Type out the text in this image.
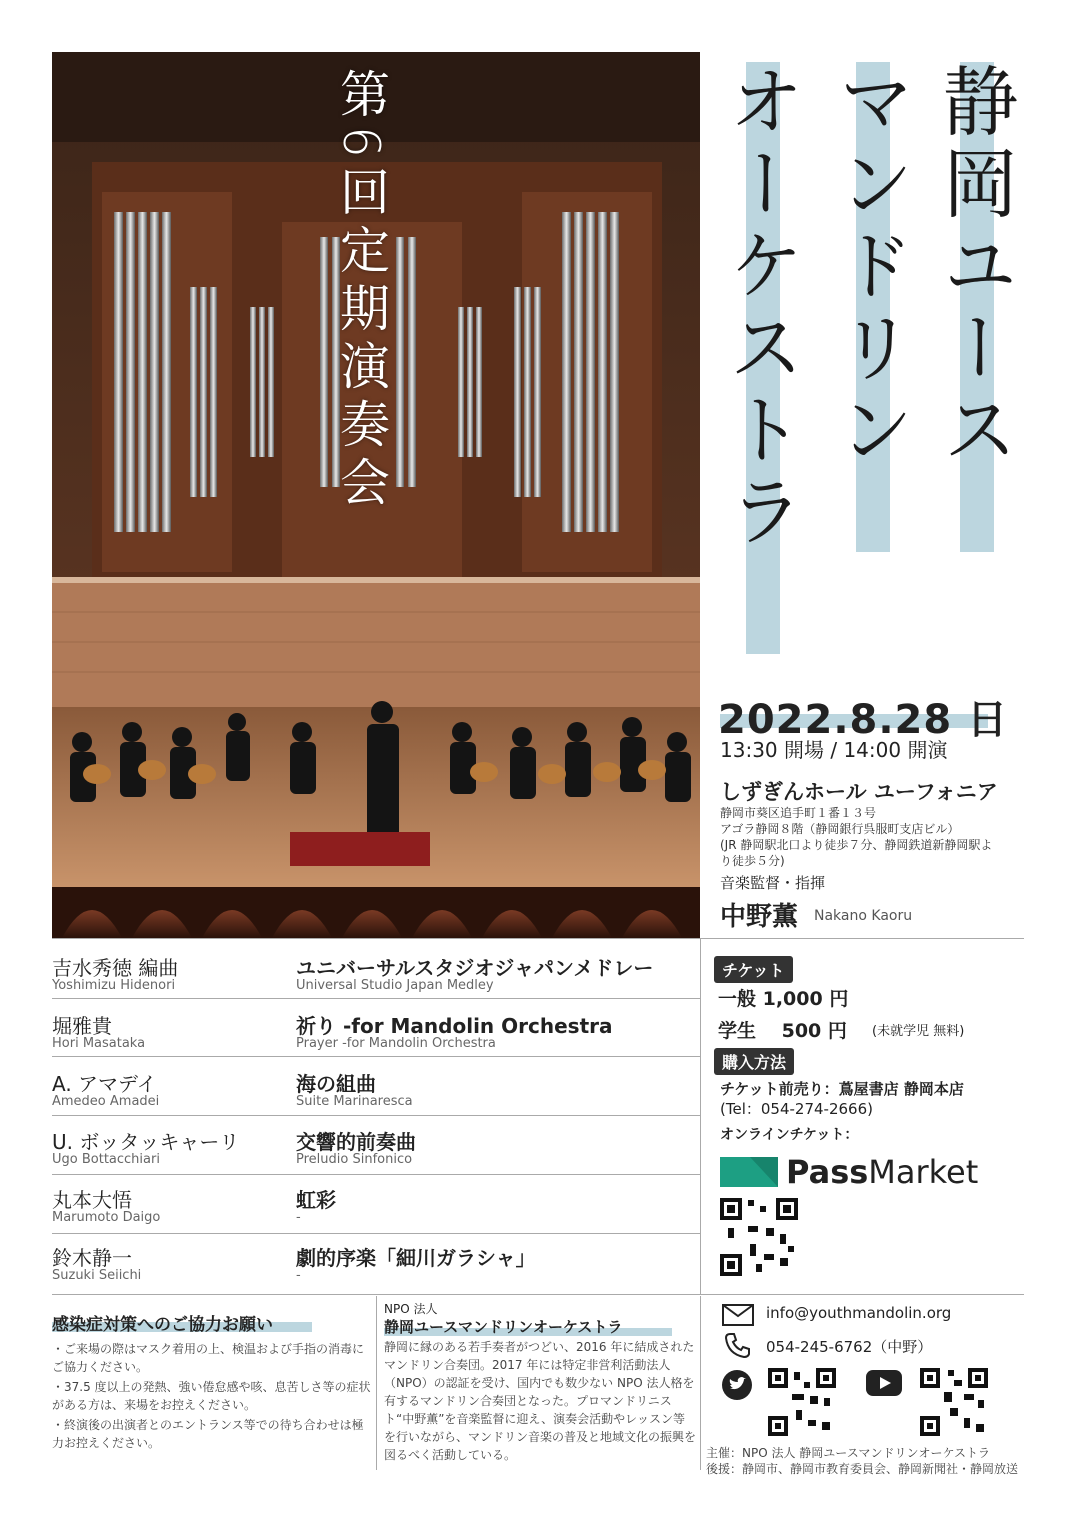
第6回定期演奏会	オーケストラ マンドリン 静岡ユース
2022.8.28 日
13:30 開場 / 14:00 開演
しずぎんホール ユーフォニア
静岡市葵区追手町１番１３号
アゴラ静岡８階（静岡銀行呉服町支店ビル）
(JR 静岡駅北口より徒歩７分、静岡鉄道新静岡駅よ
り徒歩５分)
音楽監督・指揮
中野薫 Nakano Kaoru
吉水秀徳 編曲
Yoshimizu Hidenori
ユニバーサルスタジオジャパンメドレー
Universal Studio Japan Medley
堀雅貴
Hori Masataka
祈り -for Mandolin Orchestra
Prayer -for Mandolin Orchestra
A. アマデイ
Amedeo Amadei
海の組曲
Suite Marinaresca
U. ボッタッキャーリ
Ugo Bottacchiari
交響的前奏曲
Preludio Sinfonico
丸本大悟
Marumoto Daigo
虹彩
-
鈴木静一
Suzuki Seiichi
劇的序楽「細川ガラシャ」
-
チケット
一般 1,000 円
学生　 500 円 (未就学児 無料)
購入方法
チケット前売り：蔦屋書店 静岡本店
(Tel：054-274-2666)
オンラインチケット：
Pass Market
info@youthmandolin.org
054-245-6762（中野）
主催：NPO 法人 静岡ユースマンドリンオーケストラ
後援：静岡市、静岡市教育委員会、静岡新聞社・静岡放送
感染症対策へのご協力お願い
・ご来場の際はマスク着用の上、検温および手指の消毒にご協力ください。
・37.5 度以上の発熱、強い倦怠感や咳、息苦しさ等の症状がある方は、来場をお控えください。
・終演後の出演者とのエントランス等での待ち合わせは極力お控えください。
NPO 法人
静岡ユースマンドリンオーケストラ
静岡に縁のある若手奏者がつどい、2016 年に結成されたマンドリン合奏団。2017 年には特定非営利活動法人（NPO）の認証を受け、国内でも数少ない NPO 法人格を有するマンドリン合奏団となった。プロマンドリニスト“中野薫”を音楽監督に迎え、演奏会活動やレッスン等を行いながら、マンドリン音楽の普及と地域文化の振興を図るべく活動している。
